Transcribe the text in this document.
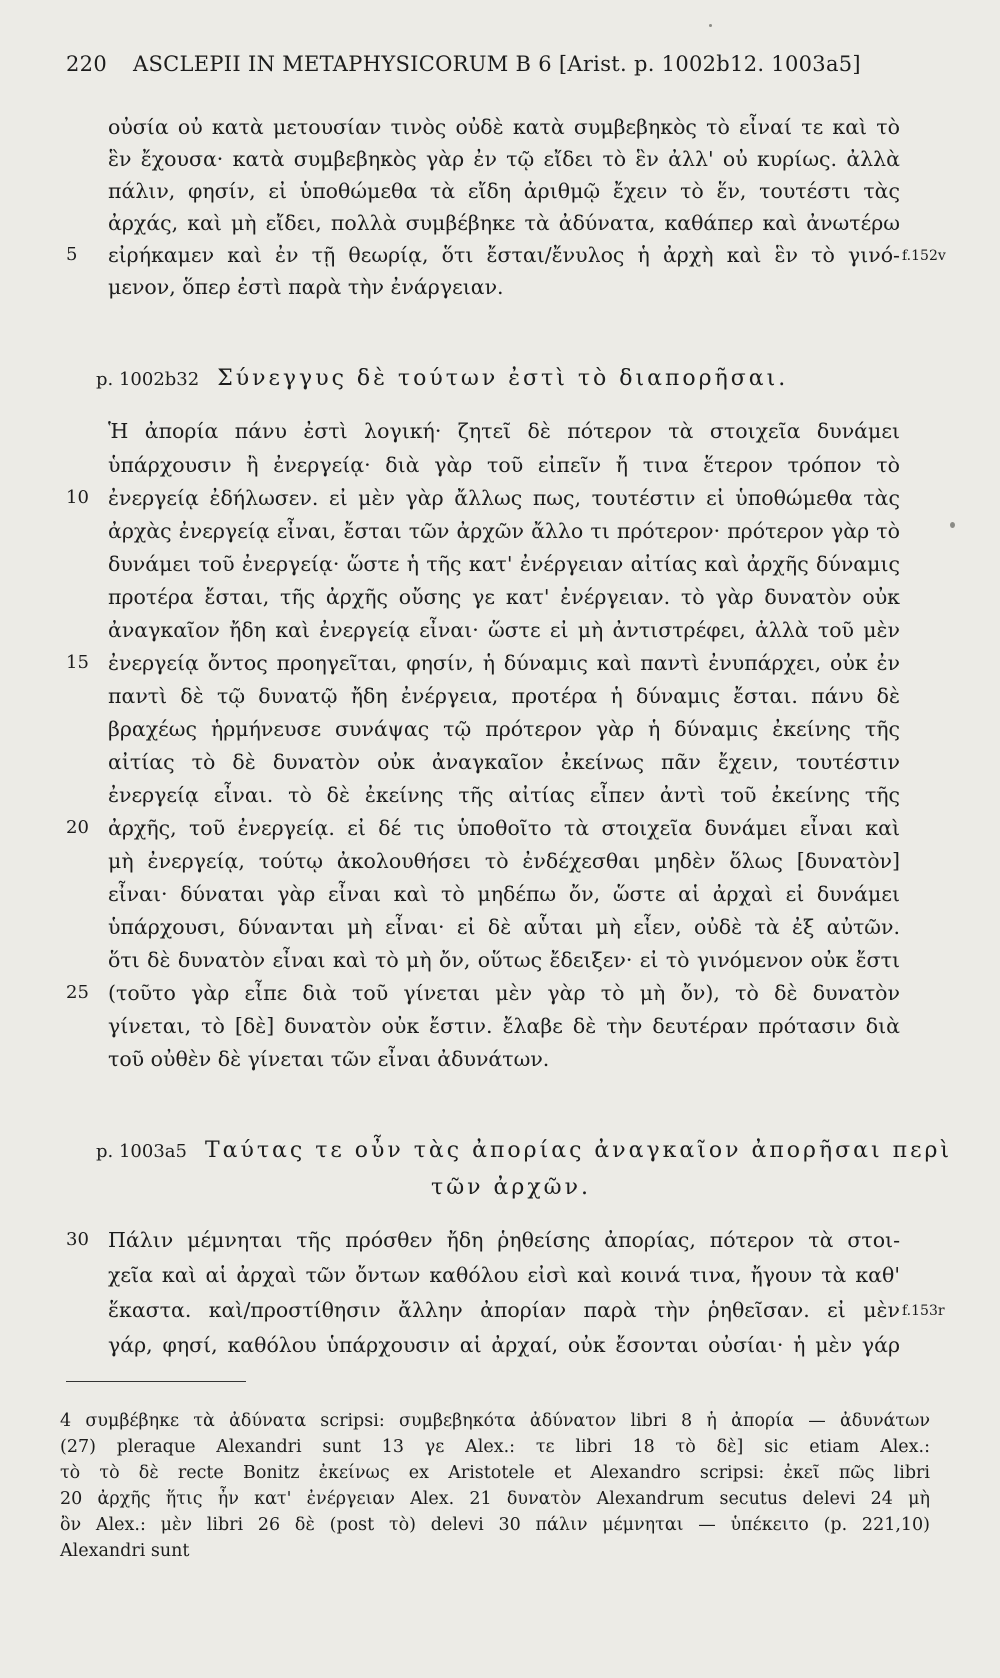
220 ASCLEPII IN METAPHYSICORUM B 6 [Arist. p. 1002b12. 1003a5]
οὐσία οὐ κατὰ μετουσίαν τινὸς οὐδὲ κατὰ συμβεβηκὸς τὸ εἶναί τε καὶ τὸ
ἓν ἔχουσα· κατὰ συμβεβηκὸς γὰρ ἐν τῷ εἴδει τὸ ἓν ἀλλ' οὐ κυρίως. ἀλλὰ
πάλιν, φησίν, εἰ ὑποθώμεθα τὰ εἴδη ἀριθμῷ ἔχειν τὸ ἕν, τουτέστι τὰς
ἀρχάς, καὶ μὴ εἴδει, πολλὰ συμβέβηκε τὰ ἀδύνατα, καθάπερ καὶ ἀνωτέρω
5	εἰρήκαμεν καὶ ἐν τῇ θεωρίᾳ, ὅτι ἔσται/ἔνυλος ἡ ἀρχὴ καὶ ἓν τὸ γινό- f.152v
μενον, ὅπερ ἐστὶ παρὰ τὴν ἐνάργειαν.
p. 1002b32 Σύνεγγυς δὲ τούτων ἐστὶ τὸ διαπορῆσαι.
Ἡ ἀπορία πάνυ ἐστὶ λογική· ζητεῖ δὲ πότερον τὰ στοιχεῖα δυνάμει
ὑπάρχουσιν ἢ ἐνεργείᾳ· διὰ γὰρ τοῦ εἰπεῖν ἤ τινα ἕτερον τρόπον τὸ
10 ἐνεργείᾳ ἐδήλωσεν. εἰ μὲν γὰρ ἄλλως πως, τουτέστιν εἰ ὑποθώμεθα τὰς
ἀρχὰς ἐνεργείᾳ εἶναι, ἔσται τῶν ἀρχῶν ἄλλο τι πρότερον· πρότερον γὰρ τὸ
δυνάμει τοῦ ἐνεργείᾳ· ὥστε ἡ τῆς κατ' ἐνέργειαν αἰτίας καὶ ἀρχῆς δύναμις
προτέρα ἔσται, τῆς ἀρχῆς οὔσης γε κατ' ἐνέργειαν. τὸ γὰρ δυνατὸν οὐκ
ἀναγκαῖον ἤδη καὶ ἐνεργείᾳ εἶναι· ὥστε εἰ μὴ ἀντιστρέφει, ἀλλὰ τοῦ μὲν
15 ἐνεργείᾳ ὄντος προηγεῖται, φησίν, ἡ δύναμις καὶ παντὶ ἐνυπάρχει, οὐκ ἐν
παντὶ δὲ τῷ δυνατῷ ἤδη ἐνέργεια, προτέρα ἡ δύναμις ἔσται. πάνυ δὲ
βραχέως ἡρμήνευσε συνάψας τῷ πρότερον γὰρ ἡ δύναμις ἐκείνης τῆς
αἰτίας τὸ δὲ δυνατὸν οὐκ ἀναγκαῖον ἐκείνως πᾶν ἔχειν, τουτέστιν
ἐνεργείᾳ εἶναι. τὸ δὲ ἐκείνης τῆς αἰτίας εἶπεν ἀντὶ τοῦ ἐκείνης τῆς
20 ἀρχῆς, τοῦ ἐνεργείᾳ. εἰ δέ τις ὑποθοῖτο τὰ στοιχεῖα δυνάμει εἶναι καὶ
μὴ ἐνεργείᾳ, τούτῳ ἀκολουθήσει τὸ ἐνδέχεσθαι μηδὲν ὅλως [δυνατὸν]
εἶναι· δύναται γὰρ εἶναι καὶ τὸ μηδέπω ὄν, ὥστε αἱ ἀρχαὶ εἰ δυνάμει
ὑπάρχουσι, δύνανται μὴ εἶναι· εἰ δὲ αὗται μὴ εἶεν, οὐδὲ τὰ ἐξ αὐτῶν.
ὅτι δὲ δυνατὸν εἶναι καὶ τὸ μὴ ὄν, οὕτως ἔδειξεν· εἰ τὸ γινόμενον οὐκ ἔστι
25 (τοῦτο γὰρ εἶπε διὰ τοῦ γίνεται μὲν γὰρ τὸ μὴ ὄν), τὸ δὲ δυνατὸν
γίνεται, τὸ [δὲ] δυνατὸν οὐκ ἔστιν. ἔλαβε δὲ τὴν δευτέραν πρότασιν διὰ
τοῦ οὐθὲν δὲ γίνεται τῶν εἶναι ἀδυνάτων.
p. 1003a5 Ταύτας τε οὖν τὰς ἀπορίας ἀναγκαῖον ἀπορῆσαι περὶ
τῶν ἀρχῶν.
30 Πάλιν μέμνηται τῆς πρόσθεν ἤδη ῥηθείσης ἀπορίας, πότερον τὰ στοι-
χεῖα καὶ αἱ ἀρχαὶ τῶν ὄντων καθόλου εἰσὶ καὶ κοινά τινα, ἤγουν τὰ καθ'
ἕκαστα. καὶ/προστίθησιν ἄλλην ἀπορίαν παρὰ τὴν ῥηθεῖσαν. εἰ μὲν f.153r
γάρ, φησί, καθόλου ὑπάρχουσιν αἱ ἀρχαί, οὐκ ἔσονται οὐσίαι· ἡ μὲν γάρ
4 συμβέβηκε τὰ ἀδύνατα scripsi: συμβεβηκότα ἀδύνατον libri 8 ἡ ἀπορία — ἀδυνάτων
(27) pleraque Alexandri sunt 13 γε Alex.: τε libri 18 τὸ δὲ] sic etiam Alex.:
τὸ τὸ δὲ recte Bonitz ἐκείνως ex Aristotele et Alexandro scripsi: ἐκεῖ πῶς libri
20 ἀρχῆς ἥτις ἦν κατ' ἐνέργειαν Alex. 21 δυνατὸν Alexandrum secutus delevi 24 μὴ
ὂν Alex.: μὲν libri 26 δὲ (post τὸ) delevi 30 πάλιν μέμνηται — ὑπέκειτο (p. 221,10)
Alexandri sunt
